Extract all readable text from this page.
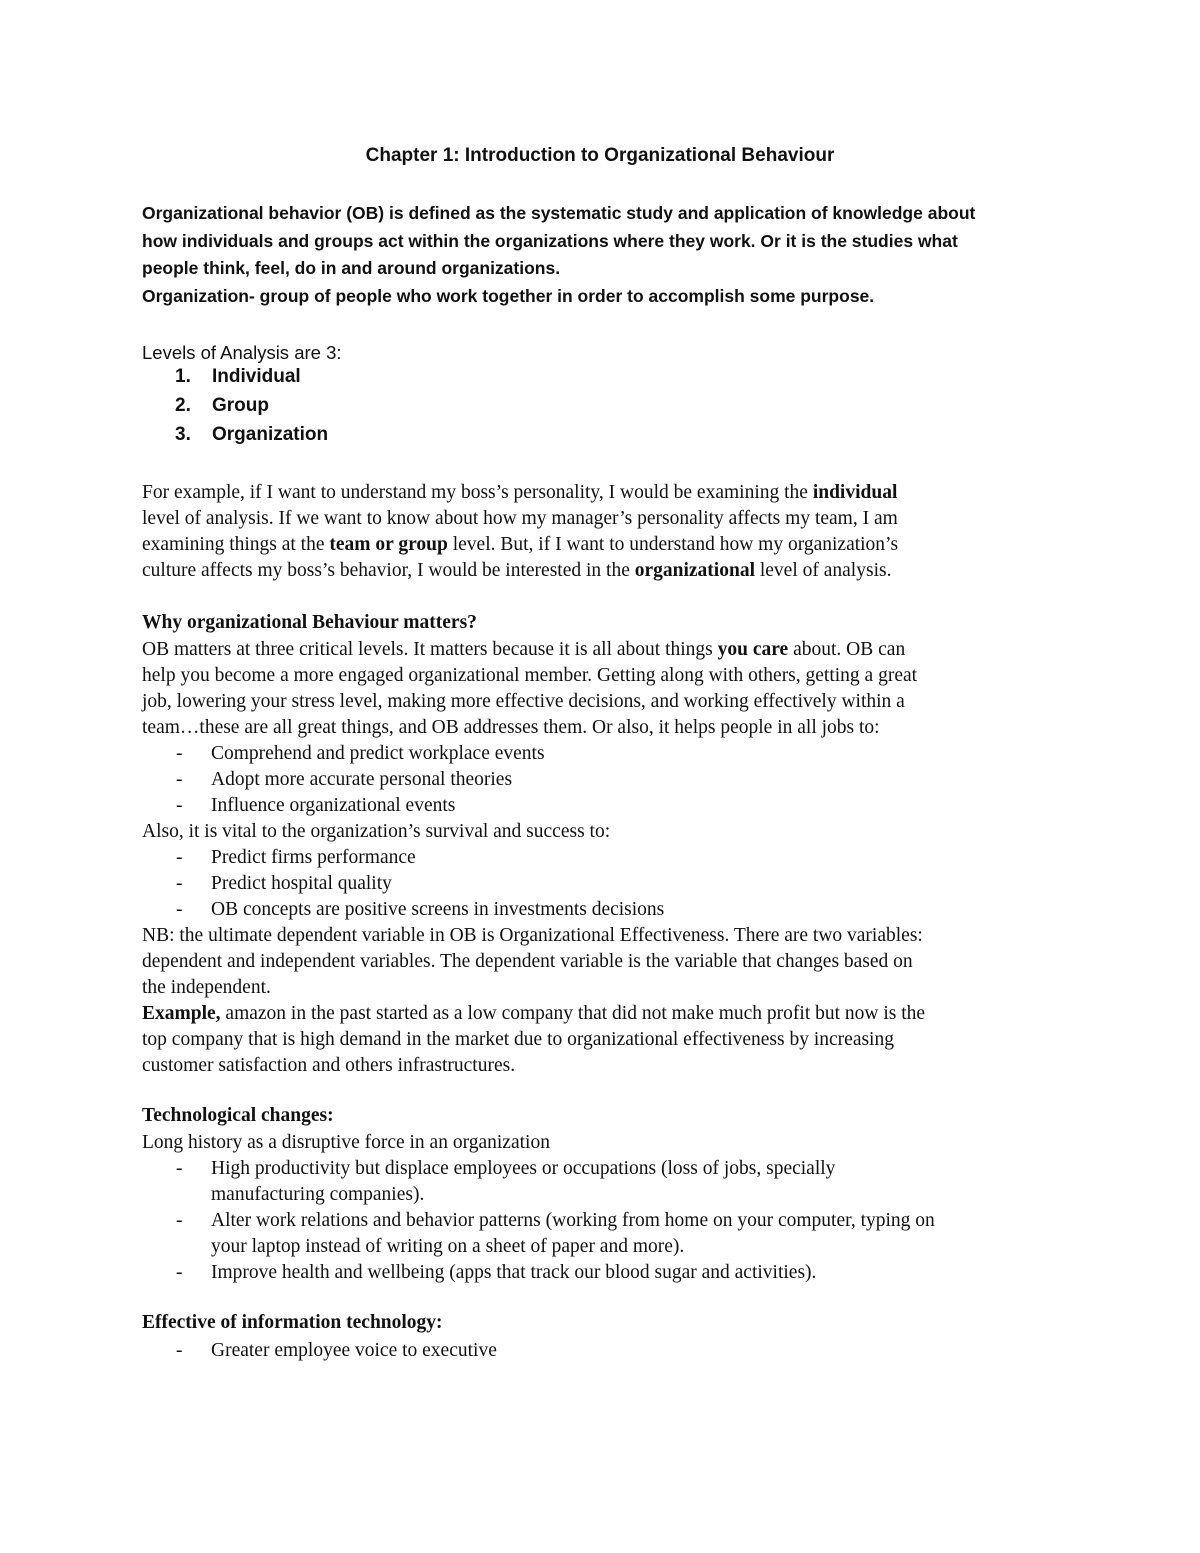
Chapter 1: Introduction to Organizational Behaviour
Organizational behavior (OB) is defined as the systematic study and application of knowledge about
how individuals and groups act within the organizations where they work. Or it is the studies what
people think, feel, do in and around organizations.
Organization- group of people who work together in order to accomplish some purpose.
Levels of Analysis are 3:
1. Individual
2. Group
3. Organization
For example, if I want to understand my boss’s personality, I would be examining the individual
level of analysis. If we want to know about how my manager’s personality affects my team, I am
examining things at the team or group level. But, if I want to understand how my organization’s
culture affects my boss’s behavior, I would be interested in the organizational level of analysis.
Why organizational Behaviour matters?
OB matters at three critical levels. It matters because it is all about things you care about. OB can
help you become a more engaged organizational member. Getting along with others, getting a great
job, lowering your stress level, making more effective decisions, and working effectively within a
team…these are all great things, and OB addresses them. Or also, it helps people in all jobs to:
- Comprehend and predict workplace events
- Adopt more accurate personal theories
- Influence organizational events
Also, it is vital to the organization’s survival and success to:
- Predict firms performance
- Predict hospital quality
- OB concepts are positive screens in investments decisions
NB: the ultimate dependent variable in OB is Organizational Effectiveness. There are two variables:
dependent and independent variables. The dependent variable is the variable that changes based on
the independent.
Example, amazon in the past started as a low company that did not make much profit but now is the
top company that is high demand in the market due to organizational effectiveness by increasing
customer satisfaction and others infrastructures.
Technological changes:
Long history as a disruptive force in an organization
- High productivity but displace employees or occupations (loss of jobs, specially
manufacturing companies).
- Alter work relations and behavior patterns (working from home on your computer, typing on
your laptop instead of writing on a sheet of paper and more).
- Improve health and wellbeing (apps that track our blood sugar and activities).
Effective of information technology:
- Greater employee voice to executive
